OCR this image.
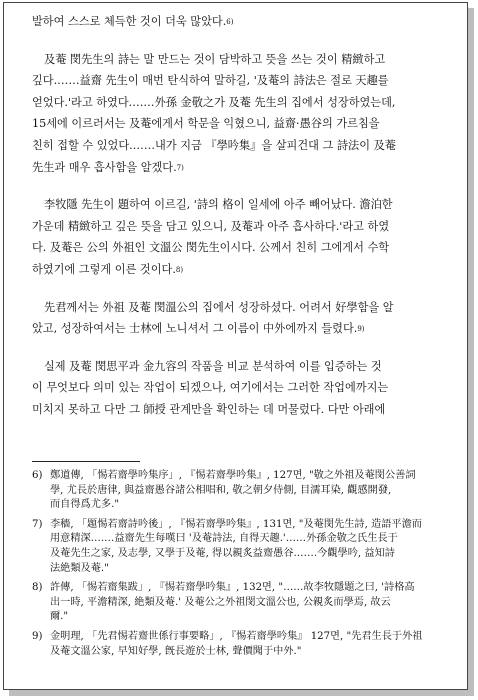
발하여 스스로 체득한 것이 더욱 많았다.$^{6)}$

及菴 閔先生의 詩는 말 만드는 것이 담박하고 뜻을 쓰는 것이 精緻하고
깊다.……益齋 先生이 매번 탄식하여 말하길, '及菴의 詩法은 절로 天趣를
얻었다.'라고 하였다.……外孫 金敬之가 及菴 先生의 집에서 성장하였는데,
15세에 이르러서는 及菴에게서 학문을 익혔으니, 益齋·愚谷의 가르침을
친히 접할 수 있었다.……내가 지금 『學吟集』을 살피건대 그 詩法이 及菴
先生과 매우 흡사함을 알겠다.$^{7)}$

李牧隱 先生이 題하여 이르길, '詩의 格이 일세에 아주 빼어났다. 澹泊한
가운데 精緻하고 깊은 뜻을 담고 있으니, 及菴과 아주 흡사하다.'라고 하였
다. 及菴은 公의 外祖인 文溫公 閔先生이시다. 公께서 친히 그에게서 수학
하였기에 그렇게 이른 것이다.$^{8)}$

先君께서는 外祖 及菴 閔溫公의 집에서 성장하셨다. 어려서 好學함을 알
았고, 성장하여서는 士林에 노니셔서 그 이름이 中外에까지 들렸다.$^{9)}$

실제 及菴 閔思平과 金九容의 작품을 비교 분석하여 이를 입증하는 것
이 무엇보다 의미 있는 작업이 되겠으나, 여기에서는 그러한 작업에까지는
미치지 못하고 다만 그 師授 관계만을 확인하는 데 머물렀다. 다만 아래에

6) 鄭道傳, 「惕若齋學吟集序」, 『惕若齋學吟集』, 127면, "敬之外祖及菴閔公善詞
學, 尤長於唐律, 與益齋愚谷諸公相唱和, 敬之朝夕侍側, 目濡耳染, 觀感開發,
而自得爲尤多."
7) 李穡, 「題惕若齋詩吟後」, 『惕若齋學吟集』, 131면, "及菴閔先生詩, 造語平澹而
用意精深.……益齋先生每嘆曰 '及菴詩法, 自得天趣.'……外孫金敬之氏生長于
及菴先生之家, 及志學, 又學于及菴, 得以親炙益齋愚谷.……今觀學吟, 益知詩
法絶類及菴."
8) 許傳, 「惕若齋集跋」, 『惕若齋學吟集』, 132면, "……故李牧隱題之曰, '詩格高
出一時, 平澹精深, 絶類及菴.' 及菴公之外祖閔文溫公也, 公親炙而學焉, 故云
爾."
9) 金明理, 「先君惕若齋世係行事要略」, 『惕若齋學吟集』 127면, "先君生長于外祖
及菴文溫公家, 早知好學, 旣長遊於士林, 聲價聞于中外."
